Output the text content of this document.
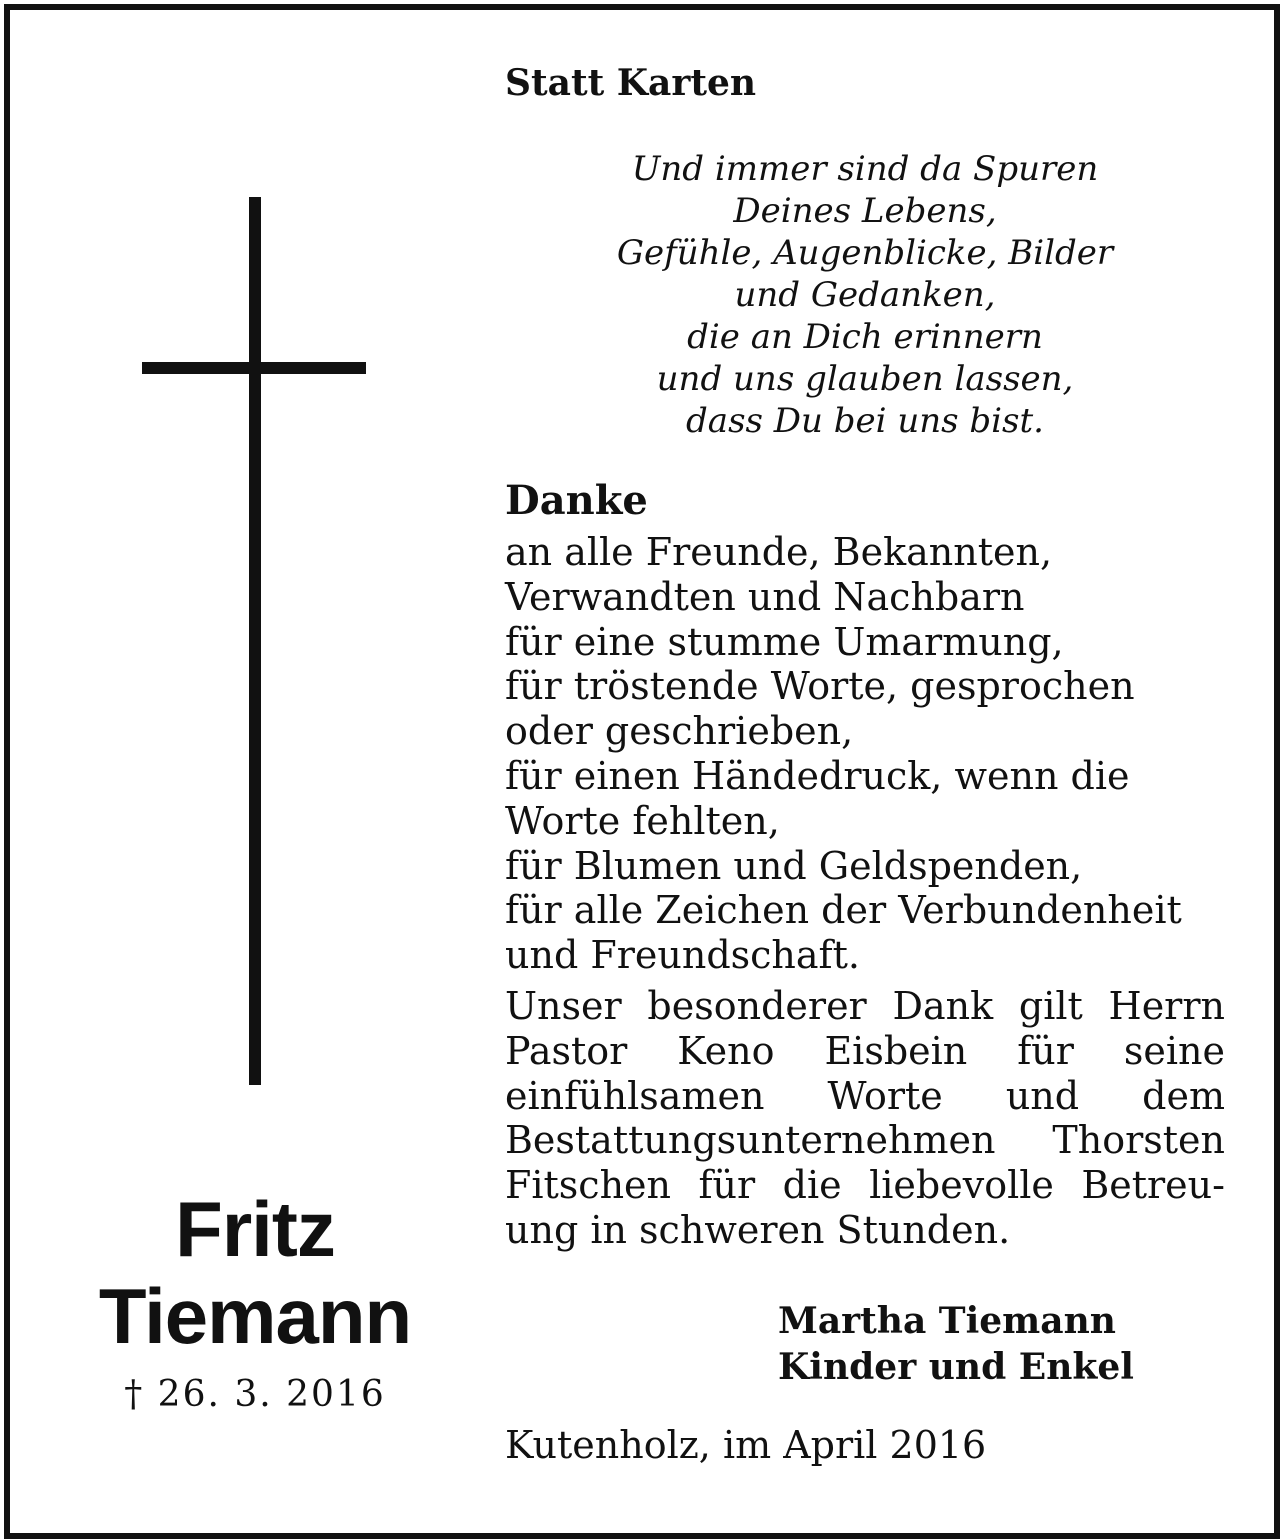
Fritz
Tiemann
† 26. 3. 2016
Statt Karten
Und immer sind da Spuren
Deines Lebens,
Gefühle, Augenblicke, Bilder
und Gedanken,
die an Dich erinnern
und uns glauben lassen,
dass Du bei uns bist.
Danke
an alle Freunde, Bekannten,
Verwandten und Nachbarn
für eine stumme Umarmung,
für tröstende Worte, gesprochen
oder geschrieben,
für einen Händedruck, wenn die
Worte fehlten,
für Blumen und Geldspenden,
für alle Zeichen der Verbundenheit
und Freundschaft.
Unser besonderer Dank gilt Herrn
Pastor Keno Eisbein für seine
einfühlsamen Worte und dem
Bestattungsunternehmen Thorsten
Fitschen für die liebevolle Betreu-
ung in schweren Stunden.
Martha Tiemann
Kinder und Enkel
Kutenholz, im April 2016
